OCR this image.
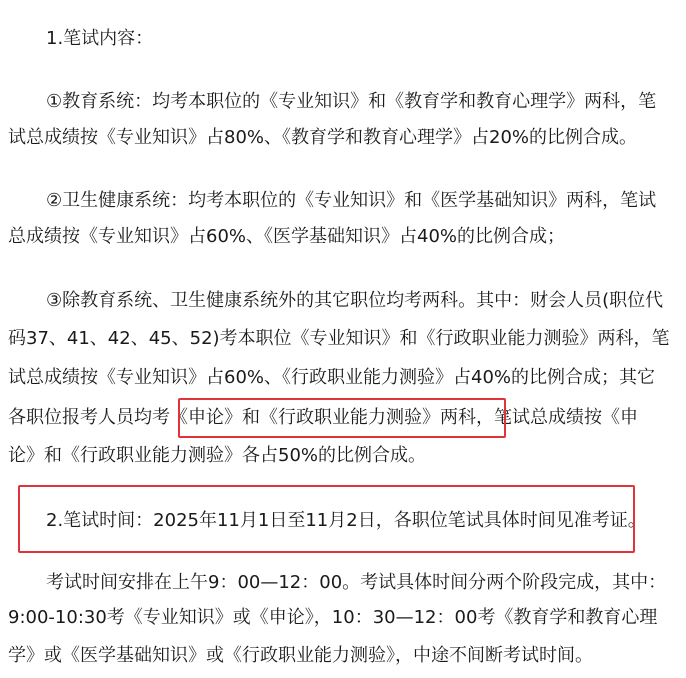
1.笔试内容：
①教育系统：均考本职位的《专业知识》和《教育学和教育心理学》两科，笔
试总成绩按《专业知识》占80%、《教育学和教育心理学》占20%的比例合成。
②卫生健康系统：均考本职位的《专业知识》和《医学基础知识》两科，笔试
总成绩按《专业知识》占60%、《医学基础知识》占40%的比例合成；
③除教育系统、卫生健康系统外的其它职位均考两科。其中：财会人员(职位代
码37、41、42、45、52)考本职位《专业知识》和《行政职业能力测验》两科，笔
试总成绩按《专业知识》占60%、《行政职业能力测验》占40%的比例合成；其它
各职位报考人员均考《申论》和《行政职业能力测验》两科，笔试总成绩按《申
论》和《行政职业能力测验》各占50%的比例合成。
2.笔试时间：2025年11月1日至11月2日，各职位笔试具体时间见准考证。
考试时间安排在上午9：00—12：00。考试具体时间分两个阶段完成，其中：
9:00-10:30考《专业知识》或《申论》，10：30—12：00考《教育学和教育心理
学》或《医学基础知识》或《行政职业能力测验》，中途不间断考试时间。
